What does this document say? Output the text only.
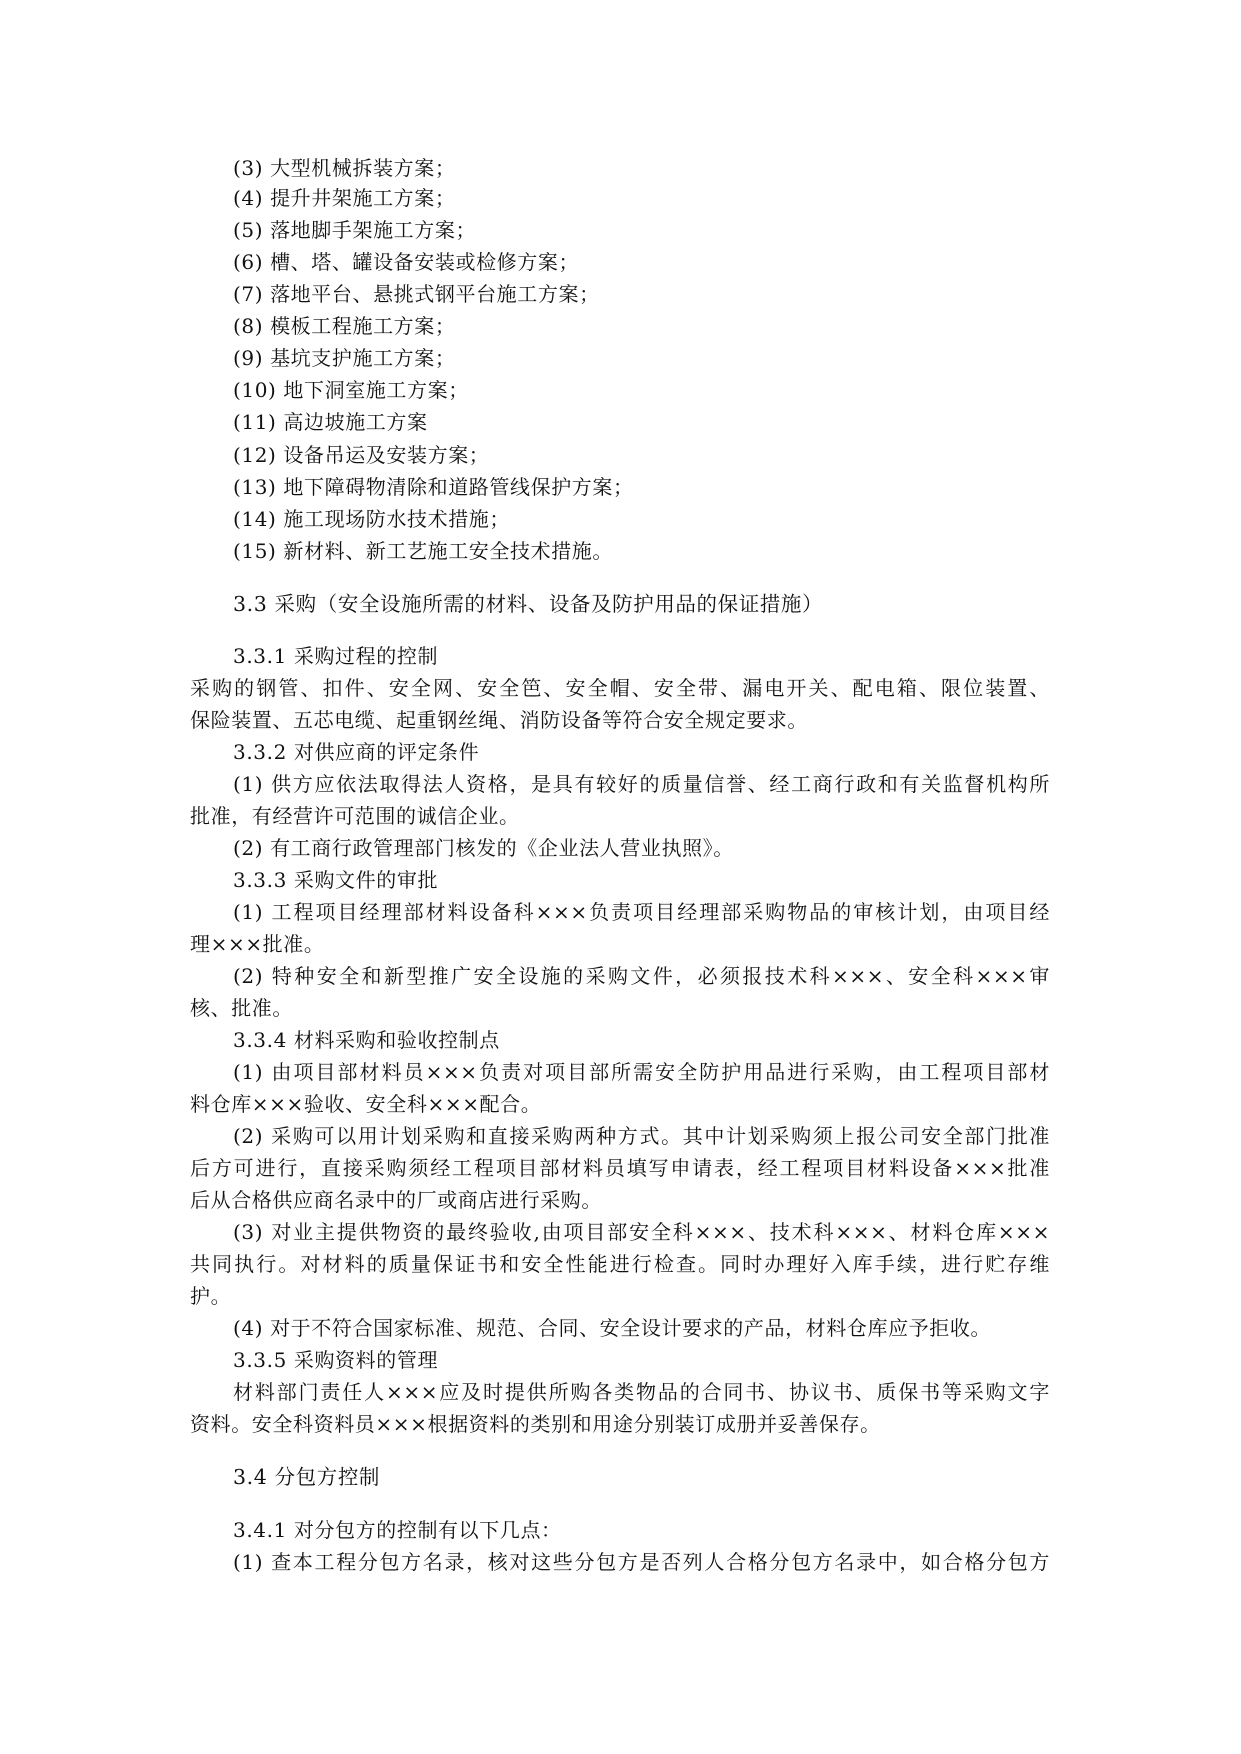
(3) 大型机械拆装方案；
(4) 提升井架施工方案；
(5) 落地脚手架施工方案；
(6) 槽、塔、罐设备安装或检修方案；
(7) 落地平台、悬挑式钢平台施工方案；
(8) 模板工程施工方案；
(9) 基坑支护施工方案；
(10) 地下洞室施工方案；
(11) 高边坡施工方案
(12) 设备吊运及安装方案；
(13) 地下障碍物清除和道路管线保护方案；
(14) 施工现场防水技术措施；
(15) 新材料、新工艺施工安全技术措施。
3.3 采购（安全设施所需的材料、设备及防护用品的保证措施）
3.3.1 采购过程的控制
采购的钢管、扣件、安全网、安全笆、安全帽、安全带、漏电开关、配电箱、限位装置、
保险装置、五芯电缆、起重钢丝绳、消防设备等符合安全规定要求。
3.3.2 对供应商的评定条件
(1) 供方应依法取得法人资格，是具有较好的质量信誉、经工商行政和有关监督机构所
批准，有经营许可范围的诚信企业。
(2) 有工商行政管理部门核发的《企业法人营业执照》。
3.3.3 采购文件的审批
(1) 工程项目经理部材料设备科×××负责项目经理部采购物品的审核计划，由项目经
理×××批准。
(2) 特种安全和新型推广安全设施的采购文件，必须报技术科×××、安全科×××审
核、批准。
3.3.4 材料采购和验收控制点
(1) 由项目部材料员×××负责对项目部所需安全防护用品进行采购，由工程项目部材
料仓库×××验收、安全科×××配合。
(2) 采购可以用计划采购和直接采购两种方式。其中计划采购须上报公司安全部门批准
后方可进行，直接采购须经工程项目部材料员填写申请表，经工程项目材料设备×××批准
后从合格供应商名录中的厂或商店进行采购。
(3) 对业主提供物资的最终验收,由项目部安全科×××、技术科×××、材料仓库×××
共同执行。对材料的质量保证书和安全性能进行检查。同时办理好入库手续，进行贮存维
护。
(4) 对于不符合国家标准、规范、合同、安全设计要求的产品，材料仓库应予拒收。
3.3.5 采购资料的管理
材料部门责任人×××应及时提供所购各类物品的合同书、协议书、质保书等采购文字
资料。安全科资料员×××根据资料的类别和用途分别装订成册并妥善保存。
3.4 分包方控制
3.4.1 对分包方的控制有以下几点：
(1) 查本工程分包方名录，核对这些分包方是否列人合格分包方名录中，如合格分包方
